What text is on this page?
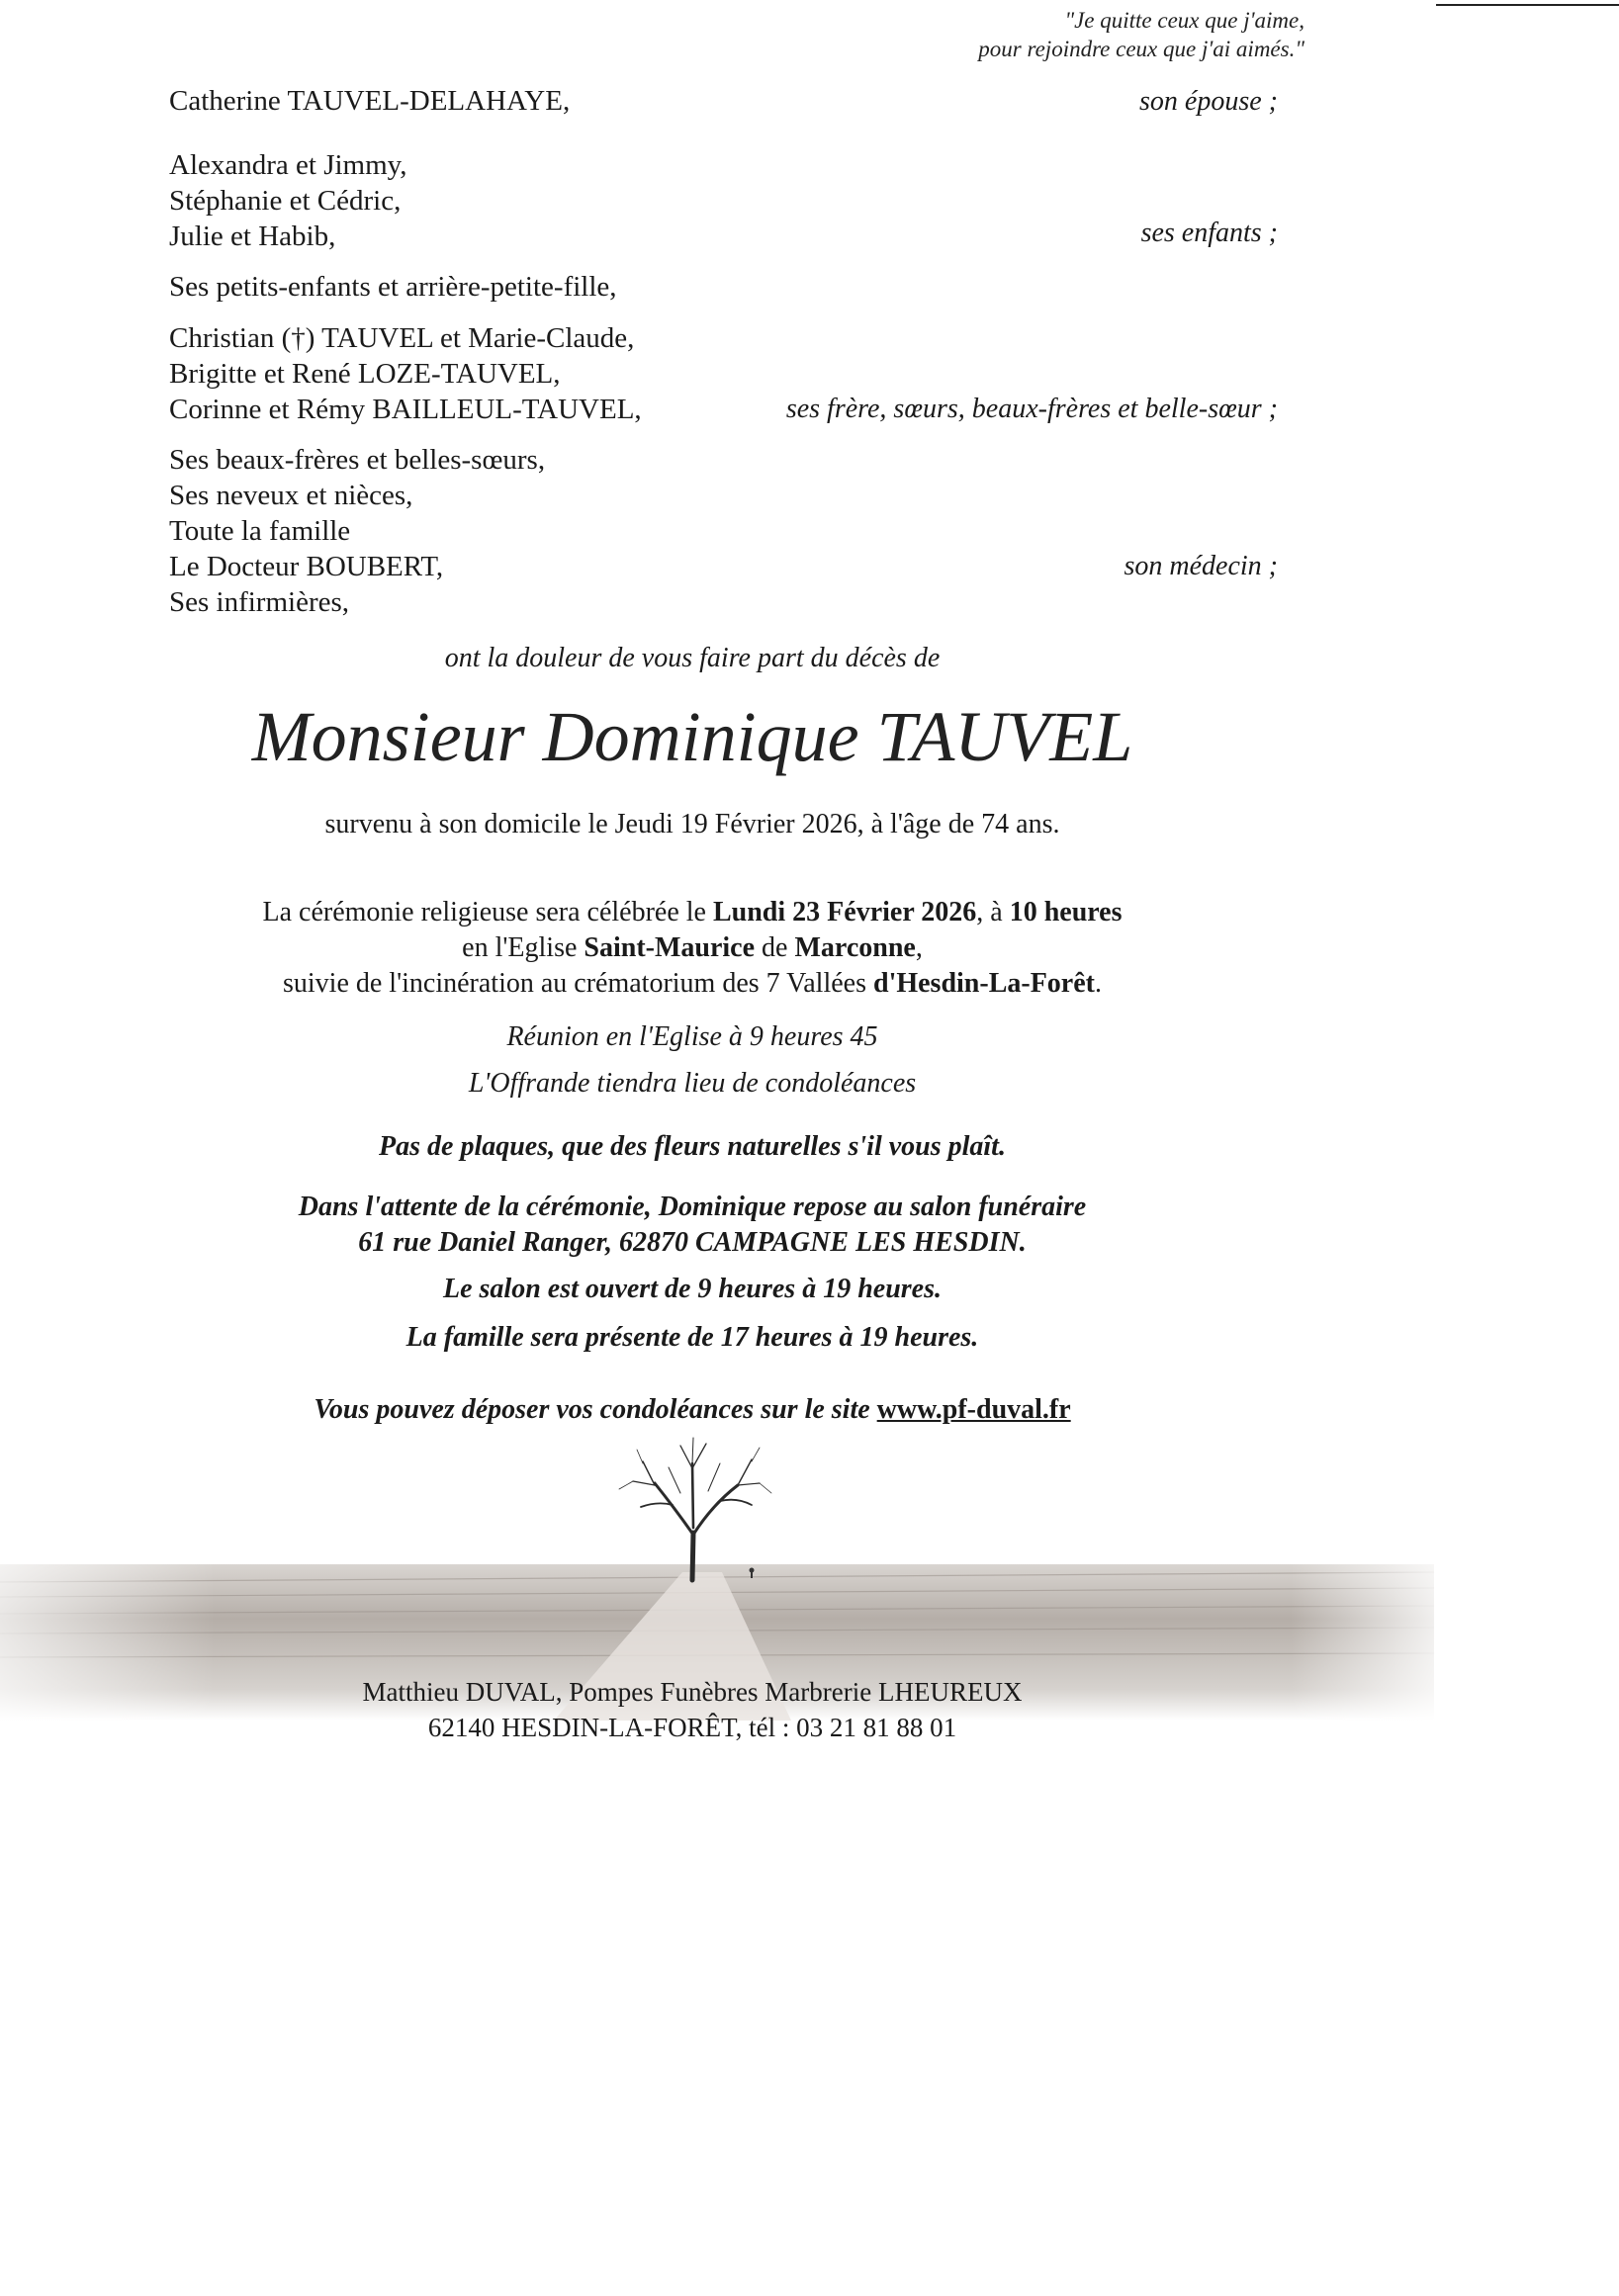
"Je quitte ceux que j'aime,
pour rejoindre ceux que j'ai aimés."
Catherine TAUVEL-DELAHAYE,	son épouse ;
Alexandra et Jimmy,
Stéphanie et Cédric,
Julie et Habib,	ses enfants ;
Ses petits-enfants et arrière-petite-fille,
Christian (†) TAUVEL et Marie-Claude,
Brigitte et René LOZE-TAUVEL,
Corinne et Rémy BAILLEUL-TAUVEL,	ses frère, sœurs, beaux-frères et belle-sœur ;
Ses beaux-frères et belles-sœurs,
Ses neveux et nièces,
Toute la famille
Le Docteur BOUBERT,
Ses infirmières,
son médecin ;
ont la douleur de vous faire part du décès de
Monsieur Dominique TAUVEL
survenu à son domicile le Jeudi 19 Février 2026, à l'âge de 74 ans.
La cérémonie religieuse sera célébrée le Lundi 23 Février 2026, à 10 heures
en l'Eglise Saint-Maurice de Marconne,
suivie de l'incinération au crématorium des 7 Vallées d'Hesdin-La-Forêt.
Réunion en l'Eglise à 9 heures 45
L'Offrande tiendra lieu de condoléances
Pas de plaques, que des fleurs naturelles s'il vous plaît.
Dans l'attente de la cérémonie, Dominique repose au salon funéraire
61 rue Daniel Ranger, 62870 CAMPAGNE LES HESDIN.
Le salon est ouvert de 9 heures à 19 heures.
La famille sera présente de 17 heures à 19 heures.
Vous pouvez déposer vos condoléances sur le site www.pf-duval.fr
Matthieu DUVAL, Pompes Funèbres Marbrerie LHEUREUX
62140 HESDIN-LA-FORÊT, tél : 03 21 81 88 01
